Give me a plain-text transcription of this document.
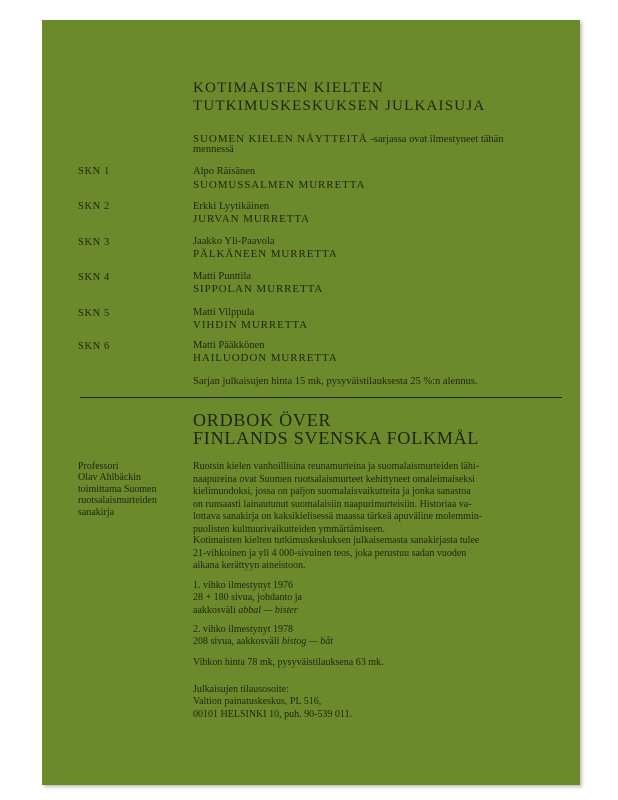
KOTIMAISTEN KIELTEN
TUTKIMUSKESKUKSEN JULKAISUJA
SUOMEN KIELEN NÄYTTEITÄ -sarjassa ovat ilmestyneet tähän
mennessä
SKN 1	Alpo Räisänen
SUOMUSSALMEN MURRETTA
SKN 2	Erkki Lyytikäinen
JURVAN MURRETTA
SKN 3	Jaakko Yli-Paavola
PÄLKÄNEEN MURRETTA
SKN 4	Matti Punttila
SIPPOLAN MURRETTA
SKN 5	Matti Vilppula
VIHDIN MURRETTA
SKN 6	Matti Pääkkönen
HAILUODON MURRETTA
Sarjan julkaisujen hinta 15 mk, pysyväistilauksesta 25 %:n alennus.
ORDBOK ÖVER
FINLANDS SVENSKA FOLKMÅL
Professori
Olav Ahlbäckin
toimittama Suomen
ruotsalaismurteiden
sanakirja
Ruotsin kielen vanhoillisina reunamurteina ja suomalaismurteiden lähi-
naapureina ovat Suomen ruotsalaismurteet kehittyneet omaleimaiseksi
kielimuodoksi, jossa on paljon suomalaisvaikutteita ja jonka sanastoa
on runsaasti lainautunut suomalaisiin naapurimurteisiin. Historiaa va-
lottava sanakirja on kaksikielisessä maassa tärkeä apuväline molemmin-
puolisten kulttuurivaikutteiden ymmärtämiseen.
Kotimaisten kielten tutkimuskeskuksen julkaisemasta sanakirjasta tulee
21-vihkoinen ja yli 4 000-sivuinen teos, joka perustuu sadan vuoden
aikana kerättyyn aineistoon.
1. vihko ilmestynyt 1976
28 + 180 sivua, johdanto ja
aakkosväli abbal — bister
2. vihko ilmestynyt 1978
208 sivua, aakkosväli bistog — båt
Vihkon hinta 78 mk, pysyväistilauksena 63 mk.
Julkaisujen tilausosoite:
Valtion painatuskeskus, PL 516,
00101 HELSINKI 10, puh. 90-539 011.
